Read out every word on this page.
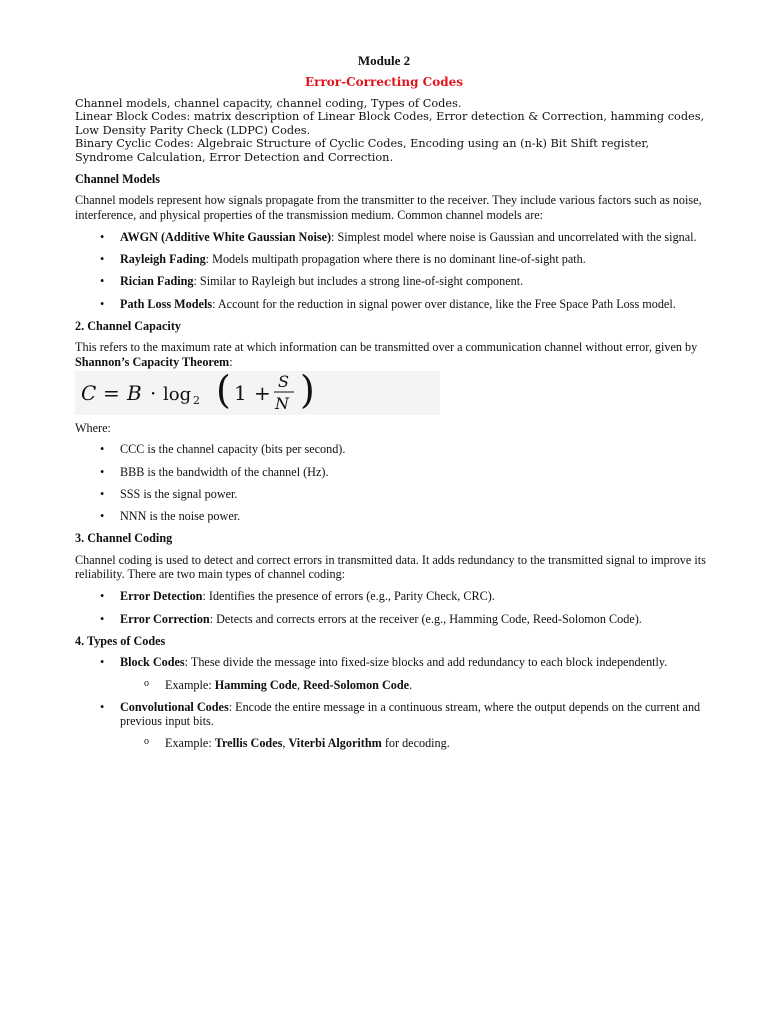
Module 2
Error-Correcting Codes
Channel models, channel capacity, channel coding, Types of Codes.
Linear Block Codes: matrix description of Linear Block Codes, Error detection & Correction, hamming codes,
Low Density Parity Check (LDPC) Codes.
Binary Cyclic Codes: Algebraic Structure of Cyclic Codes, Encoding using an (n-k) Bit Shift register,
Syndrome Calculation, Error Detection and Correction.
Channel Models
Channel models represent how signals propagate from the transmitter to the receiver. They include various factors such as noise, interference, and physical properties of the transmission medium. Common channel models are:
• AWGN (Additive White Gaussian Noise): Simplest model where noise is Gaussian and uncorrelated with the signal.
• Rayleigh Fading: Models multipath propagation where there is no dominant line-of-sight path.
• Rician Fading: Similar to Rayleigh but includes a strong line-of-sight component.
• Path Loss Models: Account for the reduction in signal power over distance, like the Free Space Path Loss model.
2. Channel Capacity
This refers to the maximum rate at which information can be transmitted over a communication channel without error, given by Shannon’s Capacity Theorem:
C = B · log 2 ( 1 + S
N )
Where:
• CCC is the channel capacity (bits per second).
• BBB is the bandwidth of the channel (Hz).
• SSS is the signal power.
• NNN is the noise power.
3. Channel Coding
Channel coding is used to detect and correct errors in transmitted data. It adds redundancy to the transmitted signal to improve its reliability. There are two main types of channel coding:
• Error Detection: Identifies the presence of errors (e.g., Parity Check, CRC).
• Error Correction: Detects and corrects errors at the receiver (e.g., Hamming Code, Reed-Solomon Code).
4. Types of Codes
• Block Codes: These divide the message into fixed-size blocks and add redundancy to each block independently.
o Example: Hamming Code, Reed-Solomon Code.
• Convolutional Codes: Encode the entire message in a continuous stream, where the output depends on the current and previous input bits.
o Example: Trellis Codes, Viterbi Algorithm for decoding.
